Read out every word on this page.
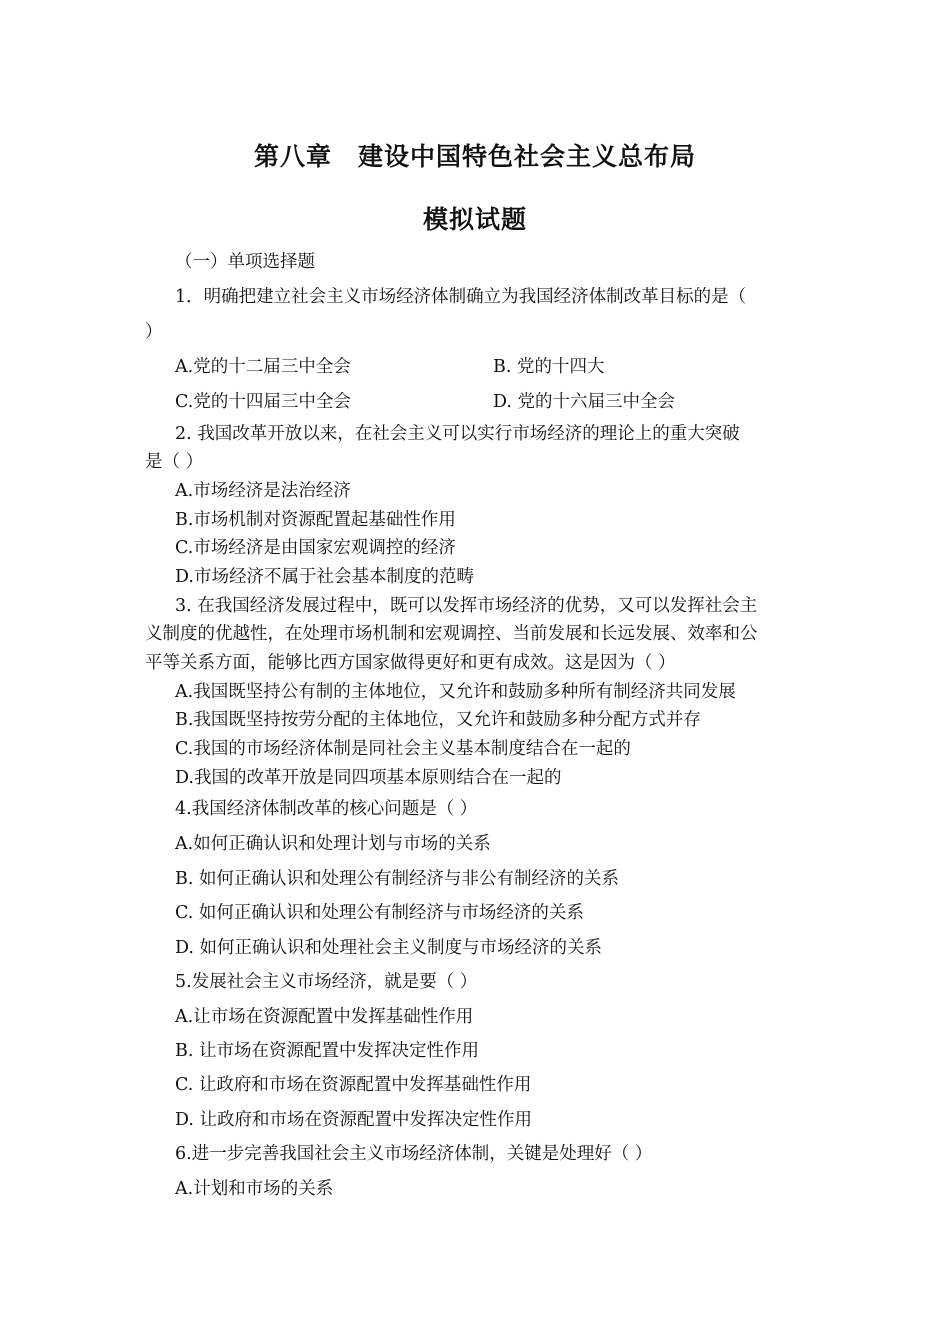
第八章 建设中国特色社会主义总布局
模拟试题
（一）单项选择题
1．明确把建立社会主义市场经济体制确立为我国经济体制改革目标的是（
）
A.党的十二届三中全会	B. 党的十四大
C.党的十四届三中全会	D. 党的十六届三中全会
2. 我国改革开放以来，在社会主义可以实行市场经济的理论上的重大突破
是（ ）
A.市场经济是法治经济
B.市场机制对资源配置起基础性作用
C.市场经济是由国家宏观调控的经济
D.市场经济不属于社会基本制度的范畴
3. 在我国经济发展过程中，既可以发挥市场经济的优势，又可以发挥社会主
义制度的优越性，在处理市场机制和宏观调控、当前发展和长远发展、效率和公
平等关系方面，能够比西方国家做得更好和更有成效。这是因为（ ）
A.我国既坚持公有制的主体地位，又允许和鼓励多种所有制经济共同发展
B.我国既坚持按劳分配的主体地位，又允许和鼓励多种分配方式并存
C.我国的市场经济体制是同社会主义基本制度结合在一起的
D.我国的改革开放是同四项基本原则结合在一起的
4.我国经济体制改革的核心问题是（ ）
A.如何正确认识和处理计划与市场的关系
B. 如何正确认识和处理公有制经济与非公有制经济的关系
C. 如何正确认识和处理公有制经济与市场经济的关系
D. 如何正确认识和处理社会主义制度与市场经济的关系
5.发展社会主义市场经济，就是要（ ）
A.让市场在资源配置中发挥基础性作用
B. 让市场在资源配置中发挥决定性作用
C. 让政府和市场在资源配置中发挥基础性作用
D. 让政府和市场在资源配置中发挥决定性作用
6.进一步完善我国社会主义市场经济体制，关键是处理好（ ）
A.计划和市场的关系
